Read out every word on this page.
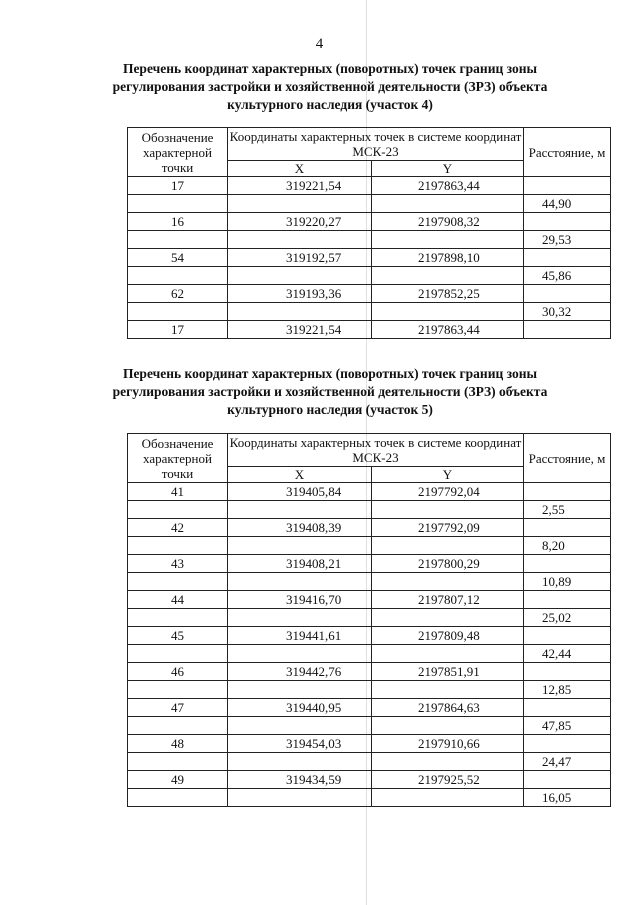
4
Перечень координат характерных (поворотных) точек границ зоны
регулирования застройки и хозяйственной деятельности (ЗРЗ) объекта
культурного наследия (участок 4)
Обозначение характерной точки	Координаты характерных точек в системе координат МСК-23		Расстояние, м
	X	Y	
17	319221,54	2197863,44	
			44,90
16	319220,27	2197908,32	
			29,53
54	319192,57	2197898,10	
			45,86
62	319193,36	2197852,25	
			30,32
17	319221,54	2197863,44	
Перечень координат характерных (поворотных) точек границ зоны
регулирования застройки и хозяйственной деятельности (ЗРЗ) объекта
культурного наследия (участок 5)
Обозначение характерной точки	Координаты характерных точек в системе координат МСК-23		Расстояние, м
	X	Y	
41	319405,84	2197792,04	
			2,55
42	319408,39	2197792,09	
			8,20
43	319408,21	2197800,29	
			10,89
44	319416,70	2197807,12	
			25,02
45	319441,61	2197809,48	
			42,44
46	319442,76	2197851,91	
			12,85
47	319440,95	2197864,63	
			47,85
48	319454,03	2197910,66	
			24,47
49	319434,59	2197925,52	
			16,05
